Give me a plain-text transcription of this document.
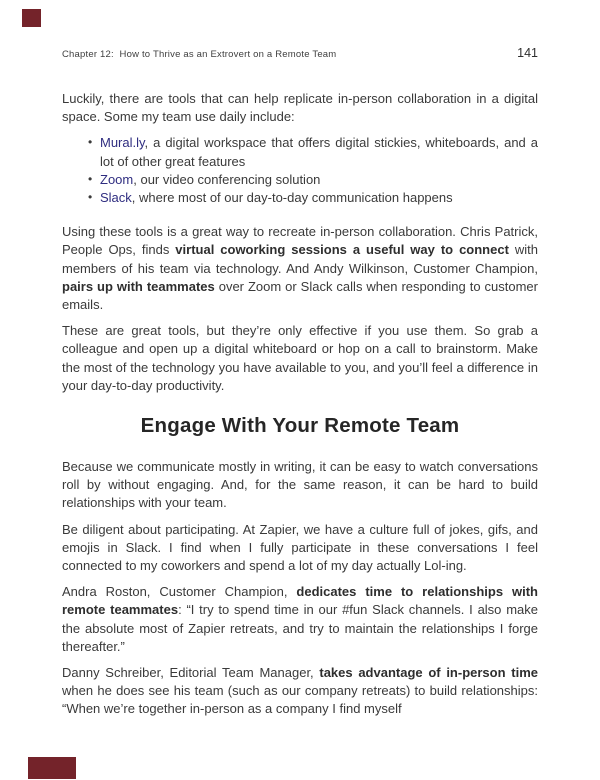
Chapter 12:  How to Thrive as an Extrovert on a Remote Team	141

Luckily, there are tools that can help replicate in-person collaboration in a digital space. Some my team use daily include:

• Mural.ly, a digital workspace that offers digital stickies, whiteboards, and a lot of other great features
• Zoom, our video conferencing solution
• Slack, where most of our day-to-day communication happens

Using these tools is a great way to recreate in-person collaboration. Chris Patrick, People Ops, finds virtual coworking sessions a useful way to connect with members of his team via technology. And Andy Wilkinson, Customer Champion, pairs up with teammates over Zoom or Slack calls when responding to customer emails.

These are great tools, but they’re only effective if you use them. So grab a colleague and open up a digital whiteboard or hop on a call to brainstorm. Make the most of the technology you have available to you, and you’ll feel a difference in your day-to-day productivity.

Engage With Your Remote Team

Because we communicate mostly in writing, it can be easy to watch conversations roll by without engaging. And, for the same reason, it can be hard to build relationships with your team.

Be diligent about participating. At Zapier, we have a culture full of jokes, gifs, and emojis in Slack. I find when I fully participate in these conversations I feel connected to my coworkers and spend a lot of my day actually Lol-ing.

Andra Roston, Customer Champion, dedicates time to relationships with remote teammates: “I try to spend time in our #fun Slack channels. I also make the absolute most of Zapier retreats, and try to maintain the relationships I forge thereafter.”

Danny Schreiber, Editorial Team Manager, takes advantage of in-person time when he does see his team (such as our company retreats) to build relationships: “When we’re together in-person as a company I find myself
